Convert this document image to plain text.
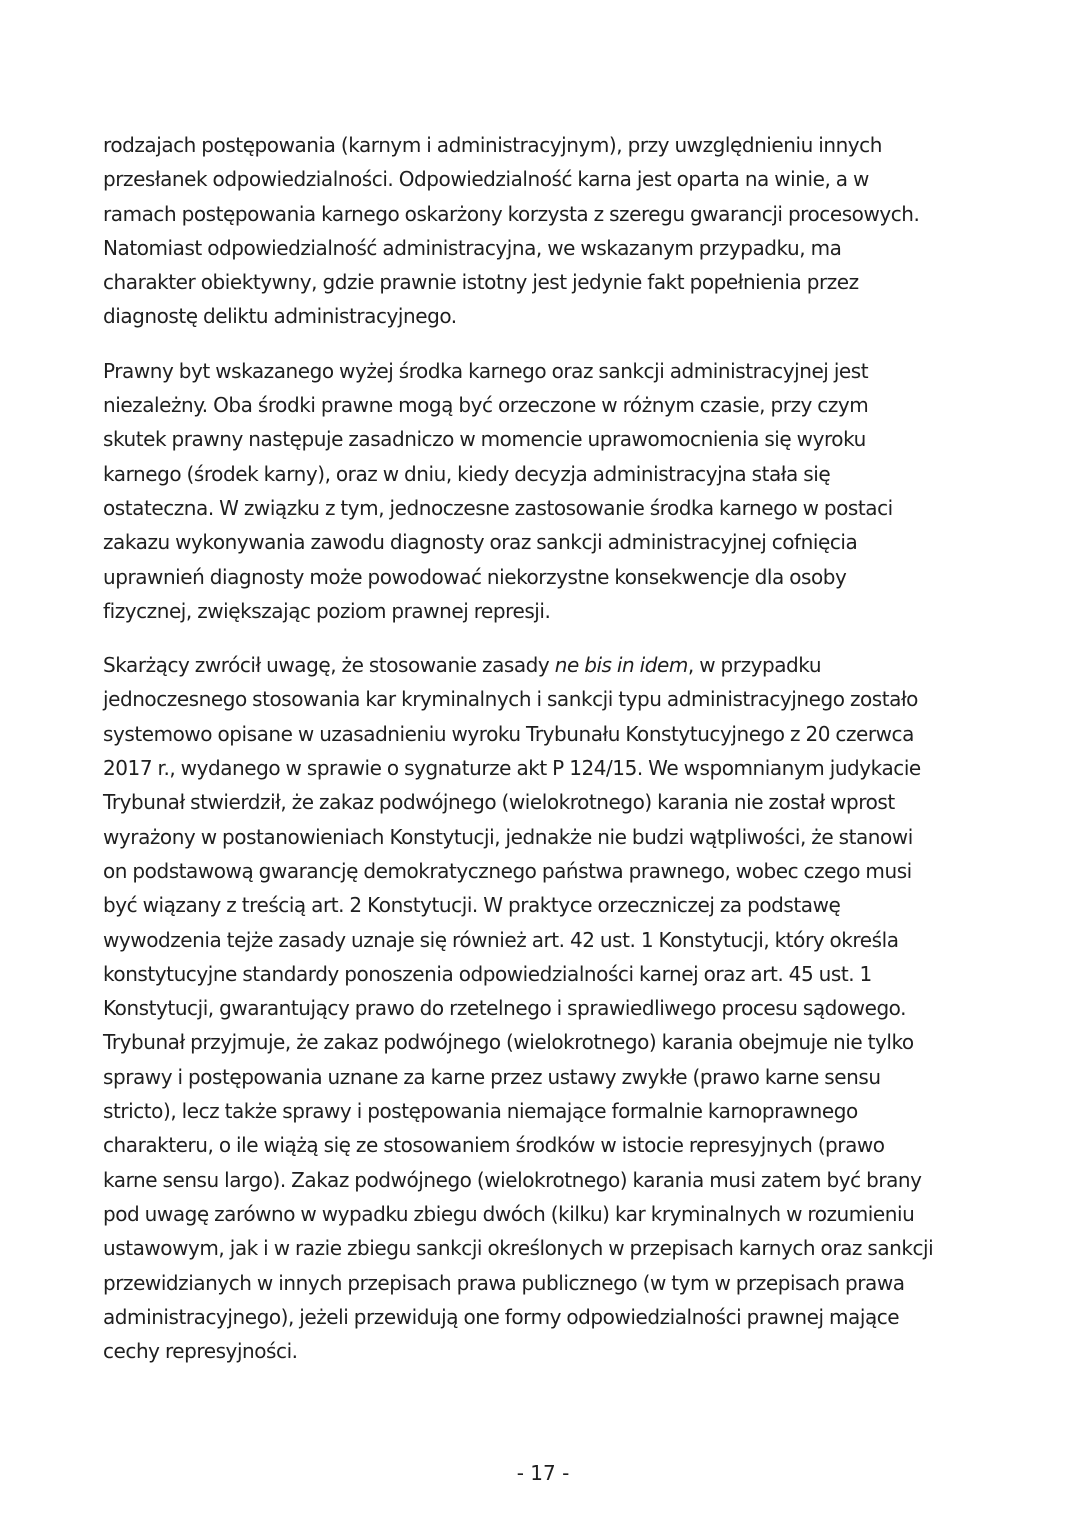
rodzajach postępowania (karnym i administracyjnym), przy uwzględnieniu innych
przesłanek odpowiedzialności. Odpowiedzialność karna jest oparta na winie, a w
ramach postępowania karnego oskarżony korzysta z szeregu gwarancji procesowych.
Natomiast odpowiedzialność administracyjna, we wskazanym przypadku, ma
charakter obiektywny, gdzie prawnie istotny jest jedynie fakt popełnienia przez
diagnostę deliktu administracyjnego.

Prawny byt wskazanego wyżej środka karnego oraz sankcji administracyjnej jest
niezależny. Oba środki prawne mogą być orzeczone w różnym czasie, przy czym
skutek prawny następuje zasadniczo w momencie uprawomocnienia się wyroku
karnego (środek karny), oraz w dniu, kiedy decyzja administracyjna stała się
ostateczna. W związku z tym, jednoczesne zastosowanie środka karnego w postaci
zakazu wykonywania zawodu diagnosty oraz sankcji administracyjnej cofnięcia
uprawnień diagnosty może powodować niekorzystne konsekwencje dla osoby
fizycznej, zwiększając poziom prawnej represji.

Skarżący zwrócił uwagę, że stosowanie zasady ne bis in idem, w przypadku
jednoczesnego stosowania kar kryminalnych i sankcji typu administracyjnego zostało
systemowo opisane w uzasadnieniu wyroku Trybunału Konstytucyjnego z 20 czerwca
2017 r., wydanego w sprawie o sygnaturze akt P 124/15. We wspomnianym judykacie
Trybunał stwierdził, że zakaz podwójnego (wielokrotnego) karania nie został wprost
wyrażony w postanowieniach Konstytucji, jednakże nie budzi wątpliwości, że stanowi
on podstawową gwarancję demokratycznego państwa prawnego, wobec czego musi
być wiązany z treścią art. 2 Konstytucji. W praktyce orzeczniczej za podstawę
wywodzenia tejże zasady uznaje się również art. 42 ust. 1 Konstytucji, który określa
konstytucyjne standardy ponoszenia odpowiedzialności karnej oraz art. 45 ust. 1
Konstytucji, gwarantujący prawo do rzetelnego i sprawiedliwego procesu sądowego.
Trybunał przyjmuje, że zakaz podwójnego (wielokrotnego) karania obejmuje nie tylko
sprawy i postępowania uznane za karne przez ustawy zwykłe (prawo karne sensu
stricto), lecz także sprawy i postępowania niemające formalnie karnoprawnego
charakteru, o ile wiążą się ze stosowaniem środków w istocie represyjnych (prawo
karne sensu largo). Zakaz podwójnego (wielokrotnego) karania musi zatem być brany
pod uwagę zarówno w wypadku zbiegu dwóch (kilku) kar kryminalnych w rozumieniu
ustawowym, jak i w razie zbiegu sankcji określonych w przepisach karnych oraz sankcji
przewidzianych w innych przepisach prawa publicznego (w tym w przepisach prawa
administracyjnego), jeżeli przewidują one formy odpowiedzialności prawnej mające
cechy represyjności.

- 17 -
